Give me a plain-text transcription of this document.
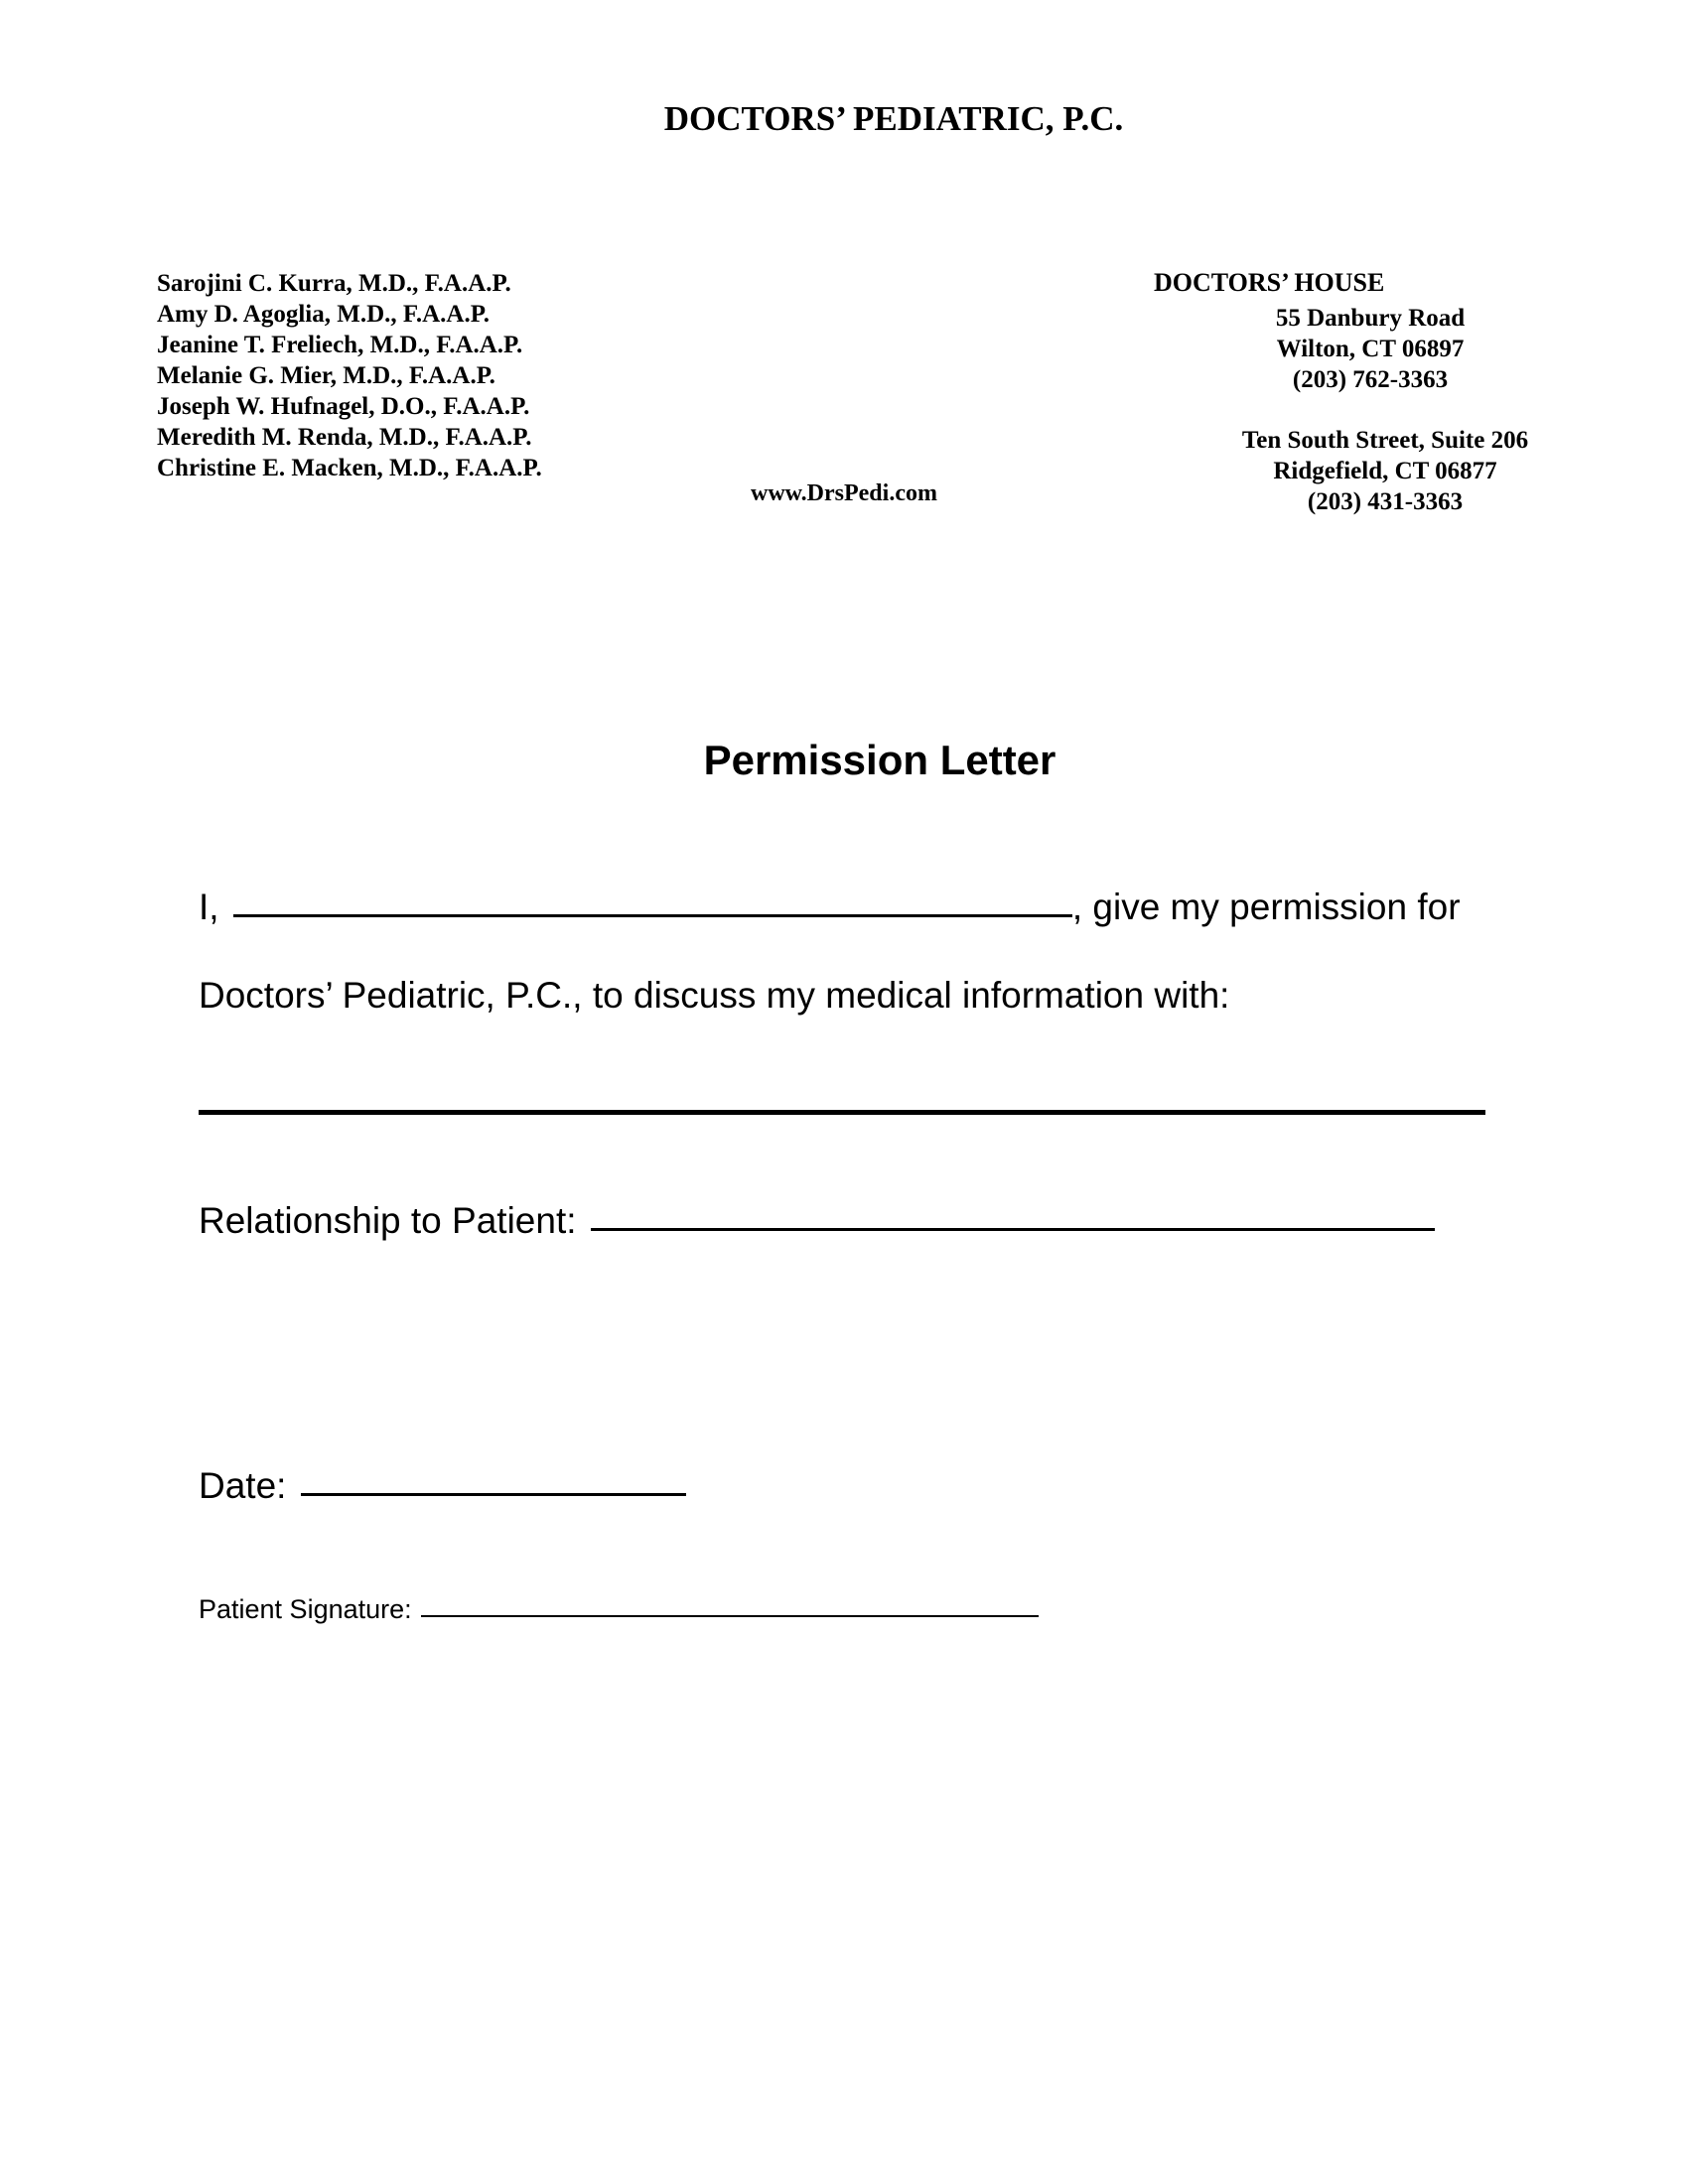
DOCTORS’ PEDIATRIC, P.C.
Sarojini C. Kurra, M.D., F.A.A.P.
Amy D. Agoglia, M.D., F.A.A.P.
Jeanine T. Freliech, M.D., F.A.A.P.
Melanie G. Mier, M.D., F.A.A.P.
Joseph W. Hufnagel, D.O., F.A.A.P.
Meredith M. Renda, M.D., F.A.A.P.
Christine E. Macken, M.D., F.A.A.P.
www.DrsPedi.com
DOCTORS’ HOUSE
55 Danbury Road
Wilton, CT 06897
(203) 762-3363
Ten South Street, Suite 206
Ridgefield, CT 06877
(203) 431-3363
Permission Letter
I,	, give my permission for
Doctors’ Pediatric, P.C., to discuss my medical information with:
Relationship to Patient:
Date:
Patient Signature:
